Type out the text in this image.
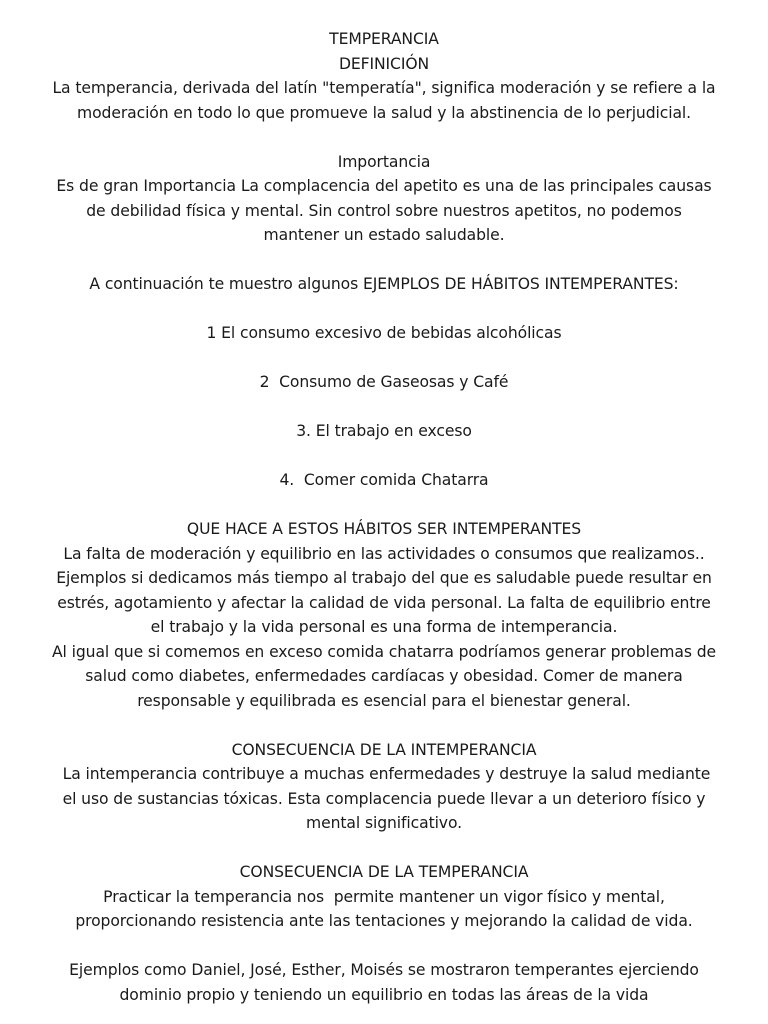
TEMPERANCIA
DEFINICIÓN
La temperancia, derivada del latín "temperatía", significa moderación y se refiere a la
moderación en todo lo que promueve la salud y la abstinencia de lo perjudicial.
Importancia
Es de gran Importancia La complacencia del apetito es una de las principales causas
de debilidad física y mental. Sin control sobre nuestros apetitos, no podemos
mantener un estado saludable.
A continuación te muestro algunos EJEMPLOS DE HÁBITOS INTEMPERANTES:
1 El consumo excesivo de bebidas alcohólicas
2  Consumo de Gaseosas y Café
3. El trabajo en exceso
4.  Comer comida Chatarra
QUE HACE A ESTOS HÁBITOS SER INTEMPERANTES
La falta de moderación y equilibrio en las actividades o consumos que realizamos..
Ejemplos si dedicamos más tiempo al trabajo del que es saludable puede resultar en
estrés, agotamiento y afectar la calidad de vida personal. La falta de equilibrio entre
el trabajo y la vida personal es una forma de intemperancia.
Al igual que si comemos en exceso comida chatarra podríamos generar problemas de
salud como diabetes, enfermedades cardíacas y obesidad. Comer de manera
responsable y equilibrada es esencial para el bienestar general.
CONSECUENCIA DE LA INTEMPERANCIA
La intemperancia contribuye a muchas enfermedades y destruye la salud mediante
el uso de sustancias tóxicas. Esta complacencia puede llevar a un deterioro físico y
mental significativo.
CONSECUENCIA DE LA TEMPERANCIA
Practicar la temperancia nos  permite mantener un vigor físico y mental,
proporcionando resistencia ante las tentaciones y mejorando la calidad de vida.
Ejemplos como Daniel, José, Esther, Moisés se mostraron temperantes ejerciendo
dominio propio y teniendo un equilibrio en todas las áreas de la vida
